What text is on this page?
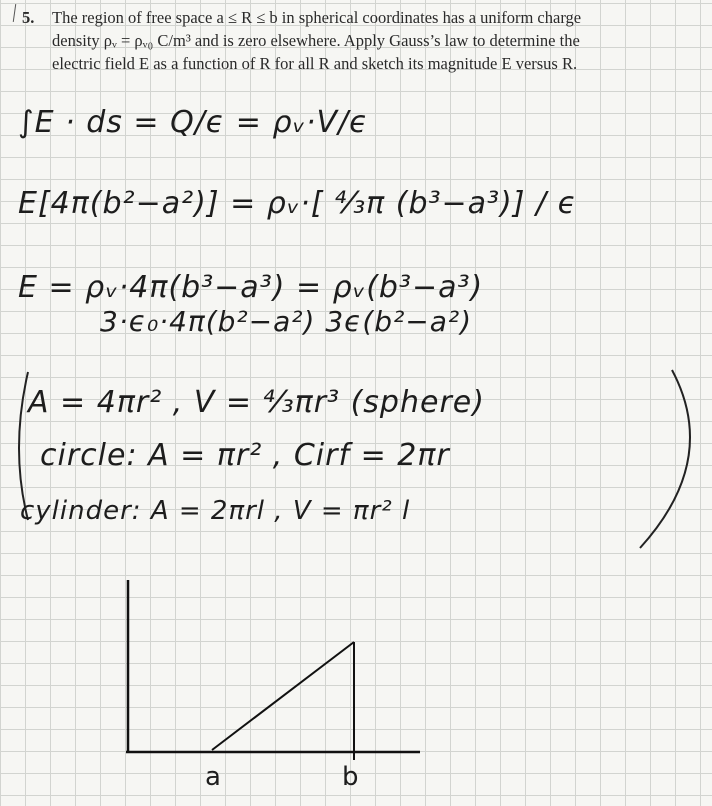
5. The region of free space a ≤ R ≤ b in spherical coordinates has a uniform charge
density ρᵥ = ρᵥ₀ C/m³ and is zero elsewhere. Apply Gauss’s law to determine the
electric field E as a function of R for all R and sketch its magnitude E versus R.
∫E · ds = Q/ϵ = ρᵥ·V/ϵ
E[4π(b²−a²)] = ρᵥ·[ ⁴⁄₃π (b³−a³)] / ϵ
E = ρᵥ·4π(b³−a³) = ρᵥ(b³−a³)
3·ϵ₀·4π(b²−a²) 3ϵ(b²−a²)
A = 4πr² , V = ⁴⁄₃πr³ (sphere)
circle: A = πr² , Cirf = 2πr
cylinder: A = 2πrl , V = πr² l
a	b
